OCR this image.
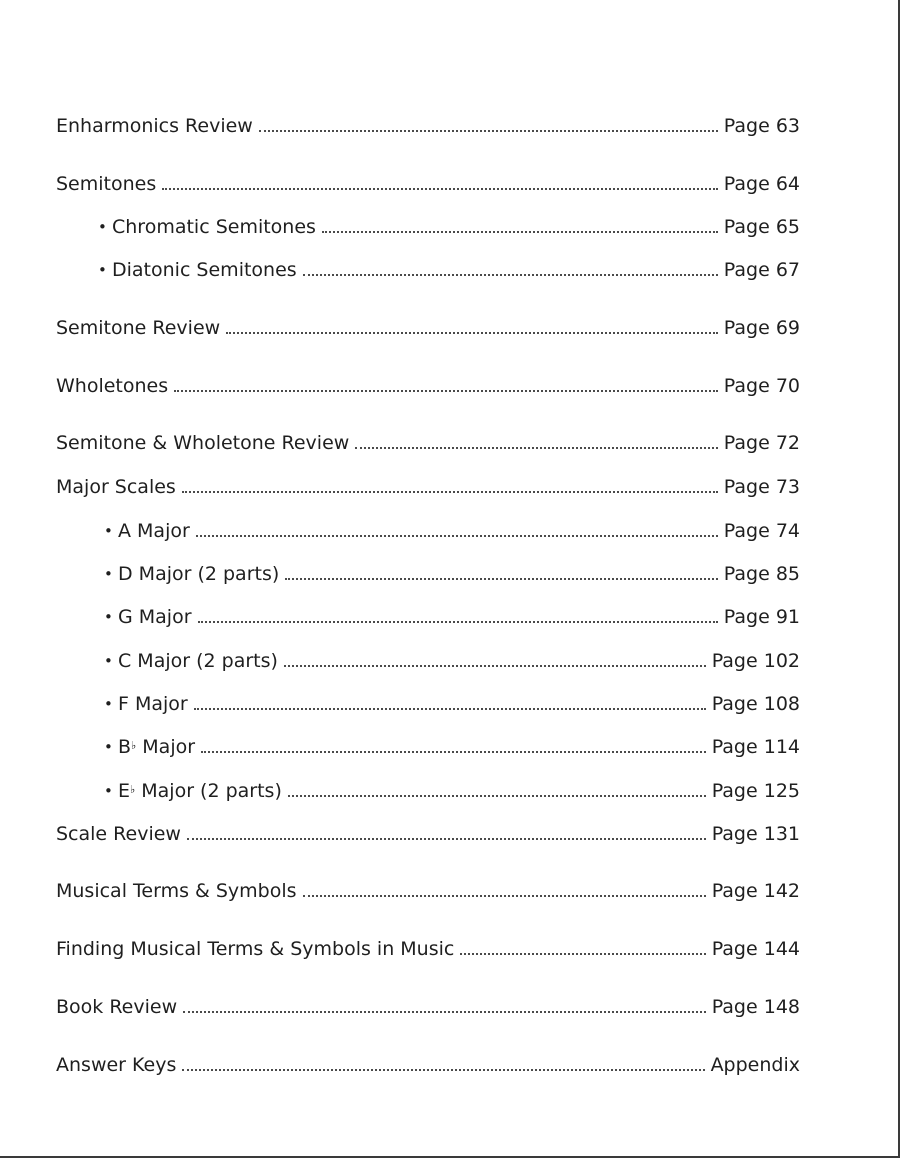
Enharmonics Review	Page 63
Semitones	Page 64
• Chromatic Semitones	Page 65
• Diatonic Semitones	Page 67
Semitone Review	Page 69
Wholetones	Page 70
Semitone & Wholetone Review	Page 72
Major Scales	Page 73
• A Major	Page 74
• D Major (2 parts)	Page 85
• G Major	Page 91
• C Major (2 parts)	Page 102
• F Major	Page 108
• B♭ Major	Page 114
• E♭ Major (2 parts)	Page 125
Scale Review	Page 131
Musical Terms & Symbols	Page 142
Finding Musical Terms & Symbols in Music	Page 144
Book Review	Page 148
Answer Keys	Appendix
